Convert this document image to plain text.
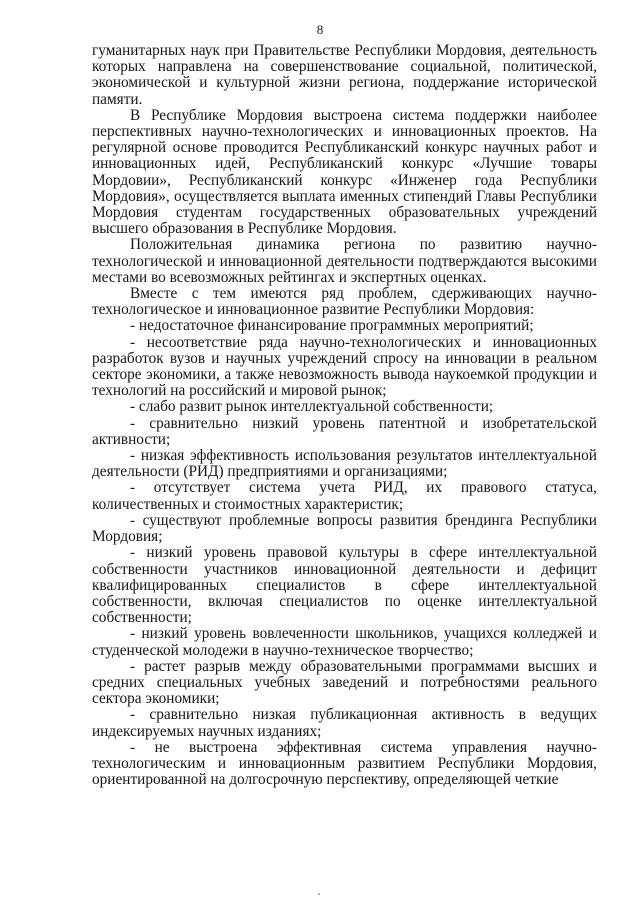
8

гуманитарных наук при Правительстве Республики Мордовия, деятельность которых направлена на совершенствование социальной, политической, экономической и культурной жизни региона, поддержание исторической памяти.

В Республике Мордовия выстроена система поддержки наиболее перспективных научно-технологических и инновационных проектов. На регулярной основе проводится Республиканский конкурс научных работ и инновационных идей, Республиканский конкурс «Лучшие товары Мордовии», Республиканский конкурс «Инженер года Республики Мордовия», осуществляется выплата именных стипендий Главы Республики Мордовия студентам государственных образовательных учреждений высшего образования в Республике Мордовия.

Положительная динамика региона по развитию научно-технологической и инновационной деятельности подтверждаются высокими местами во всевозможных рейтингах и экспертных оценках.

Вместе с тем имеются ряд проблем, сдерживающих научно-технологическое и инновационное развитие Республики Мордовия:

- недостаточное финансирование программных мероприятий;

- несоответствие ряда научно-технологических и инновационных разработок вузов и научных учреждений спросу на инновации в реальном секторе экономики, а также невозможность вывода наукоемкой продукции и технологий на российский и мировой рынок;

- слабо развит рынок интеллектуальной собственности;

- сравнительно низкий уровень патентной и изобретательской активности;

- низкая эффективность использования результатов интеллектуальной деятельности (РИД) предприятиями и организациями;

- отсутствует система учета РИД, их правового статуса, количественных и стоимостных характеристик;

- существуют проблемные вопросы развития брендинга Республики Мордовия;

- низкий уровень правовой культуры в сфере интеллектуальной собственности участников инновационной деятельности и дефицит квалифицированных специалистов в сфере интеллектуальной собственности, включая специалистов по оценке интеллектуальной собственности;

- низкий уровень вовлеченности школьников, учащихся колледжей и студенческой молодежи в научно-техническое творчество;

- растет разрыв между образовательными программами высших и средних специальных учебных заведений и потребностями реального сектора экономики;

- сравнительно низкая публикационная активность в ведущих индексируемых научных изданиях;

- не выстроена эффективная система управления научно-технологическим и инновационным развитием Республики Мордовия, ориентированной на долгосрочную перспективу, определяющей четкие
